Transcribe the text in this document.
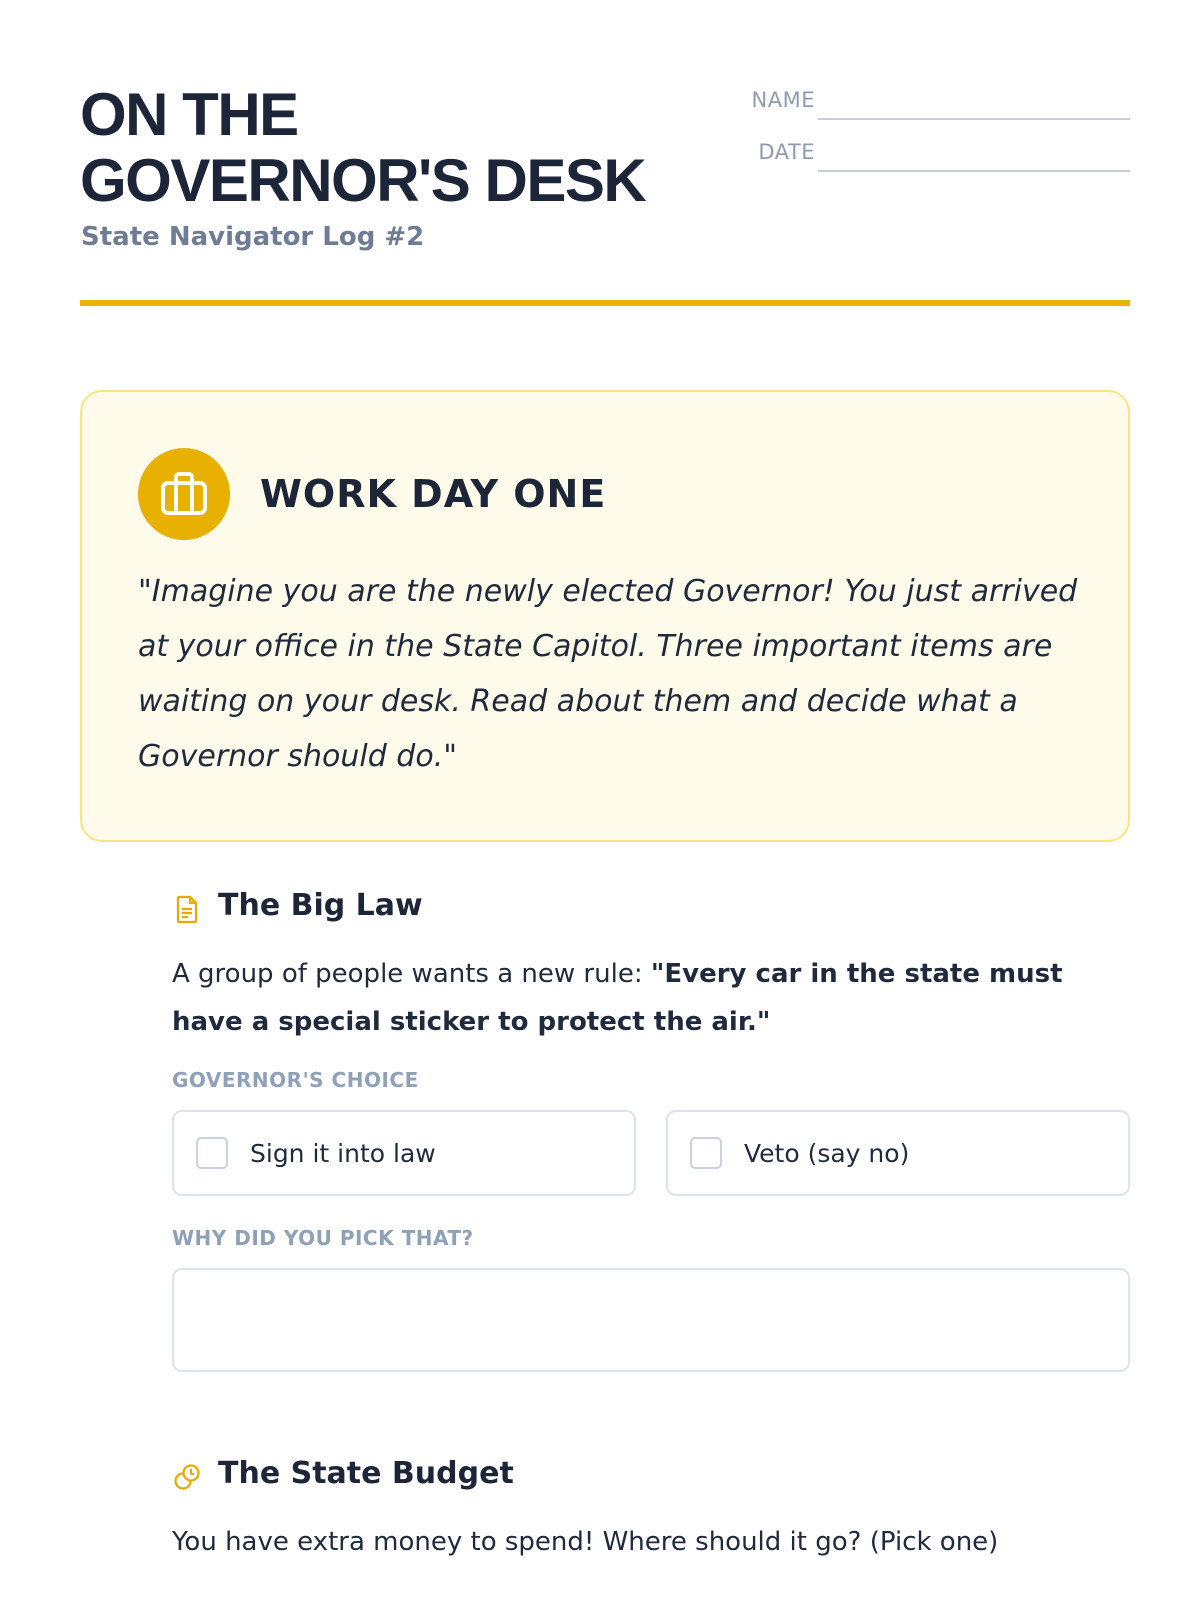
ON THE
GOVERNOR'S DESK
State Navigator Log #2
NAME
DATE
WORK DAY ONE
"Imagine you are the newly elected Governor! You just arrived at your office in the State Capitol. Three important items are waiting on your desk. Read about them and decide what a Governor should do."
The Big Law
A group of people wants a new rule: "Every car in the state must have a special sticker to protect the air."
GOVERNOR'S CHOICE
Sign it into law	Veto (say no)
WHY DID YOU PICK THAT?
The State Budget
You have extra money to spend! Where should it go? (Pick one)
